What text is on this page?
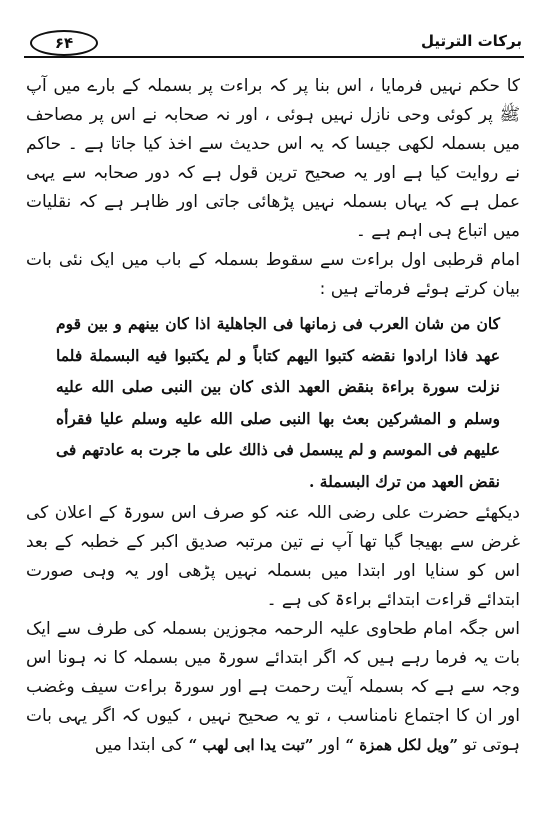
برکات الترتیل
۶۴

کا حکم نہیں فرمایا ، اس بنا پر کہ براءت پر بسملہ کے بارے میں آپ ﷺ پر کوئی وحی نازل نہیں ہوئی ، اور نہ صحابہ نے اس پر مصاحف میں بسملہ لکھی جیسا کہ یہ اس حدیث سے اخذ کیا جاتا ہے ۔ حاکم نے روایت کیا ہے اور یہ صحیح ترین قول ہے کہ دور صحابہ سے یہی عمل ہے کہ یہاں بسملہ نہیں پڑھائی جاتی اور ظاہر ہے کہ نقلیات میں اتباع ہی اہم ہے ۔

امام قرطبی اول براءت سے سقوط بسملہ کے باب میں ایک نئی بات بیان کرتے ہوئے فرماتے ہیں :

كان من شان العرب فى زمانها فى الجاهلية اذا كان بينهم و بين قوم عهد فاذا ارادوا نقضه كتبوا اليهم كتاباً و لم يكتبوا فيه البسملة فلما نزلت سورة براءة بنقض العهد الذى كان بين النبى صلى الله عليه وسلم و المشركين بعث بها النبى صلى الله عليه وسلم عليا فقرأه عليهم فى الموسم و لم يبسمل فى ذالك على ما جرت به عادتهم فى نقض العهد من ترك البسملة .

دیکھئے حضرت علی رضی اللہ عنہ کو صرف اس سورۃ کے اعلان کی غرض سے بھیجا گیا تھا آپ نے تین مرتبہ صدیق اکبر کے خطبہ کے بعد اس کو سنایا اور ابتدا میں بسملہ نہیں پڑھی اور یہ وہی صورت ابتدائے قراءت ابتدائے براءۃ کی ہے ۔

اس جگہ امام طحاوی علیہ الرحمہ مجوزین بسملہ کی طرف سے ایک بات یہ فرما رہے ہیں کہ اگر ابتدائے سورۃ میں بسملہ کا نہ ہونا اس وجہ سے ہے کہ بسملہ آیت رحمت ہے اور سورۃ براءت سیف وغضب اور ان کا اجتماع نامناسب ، تو یہ صحیح نہیں ، کیوں کہ اگر یہی بات ہوتی تو ”ویل لکل همزة “ اور ”تبت یدا ابی لهب “ کی ابتدا میں
